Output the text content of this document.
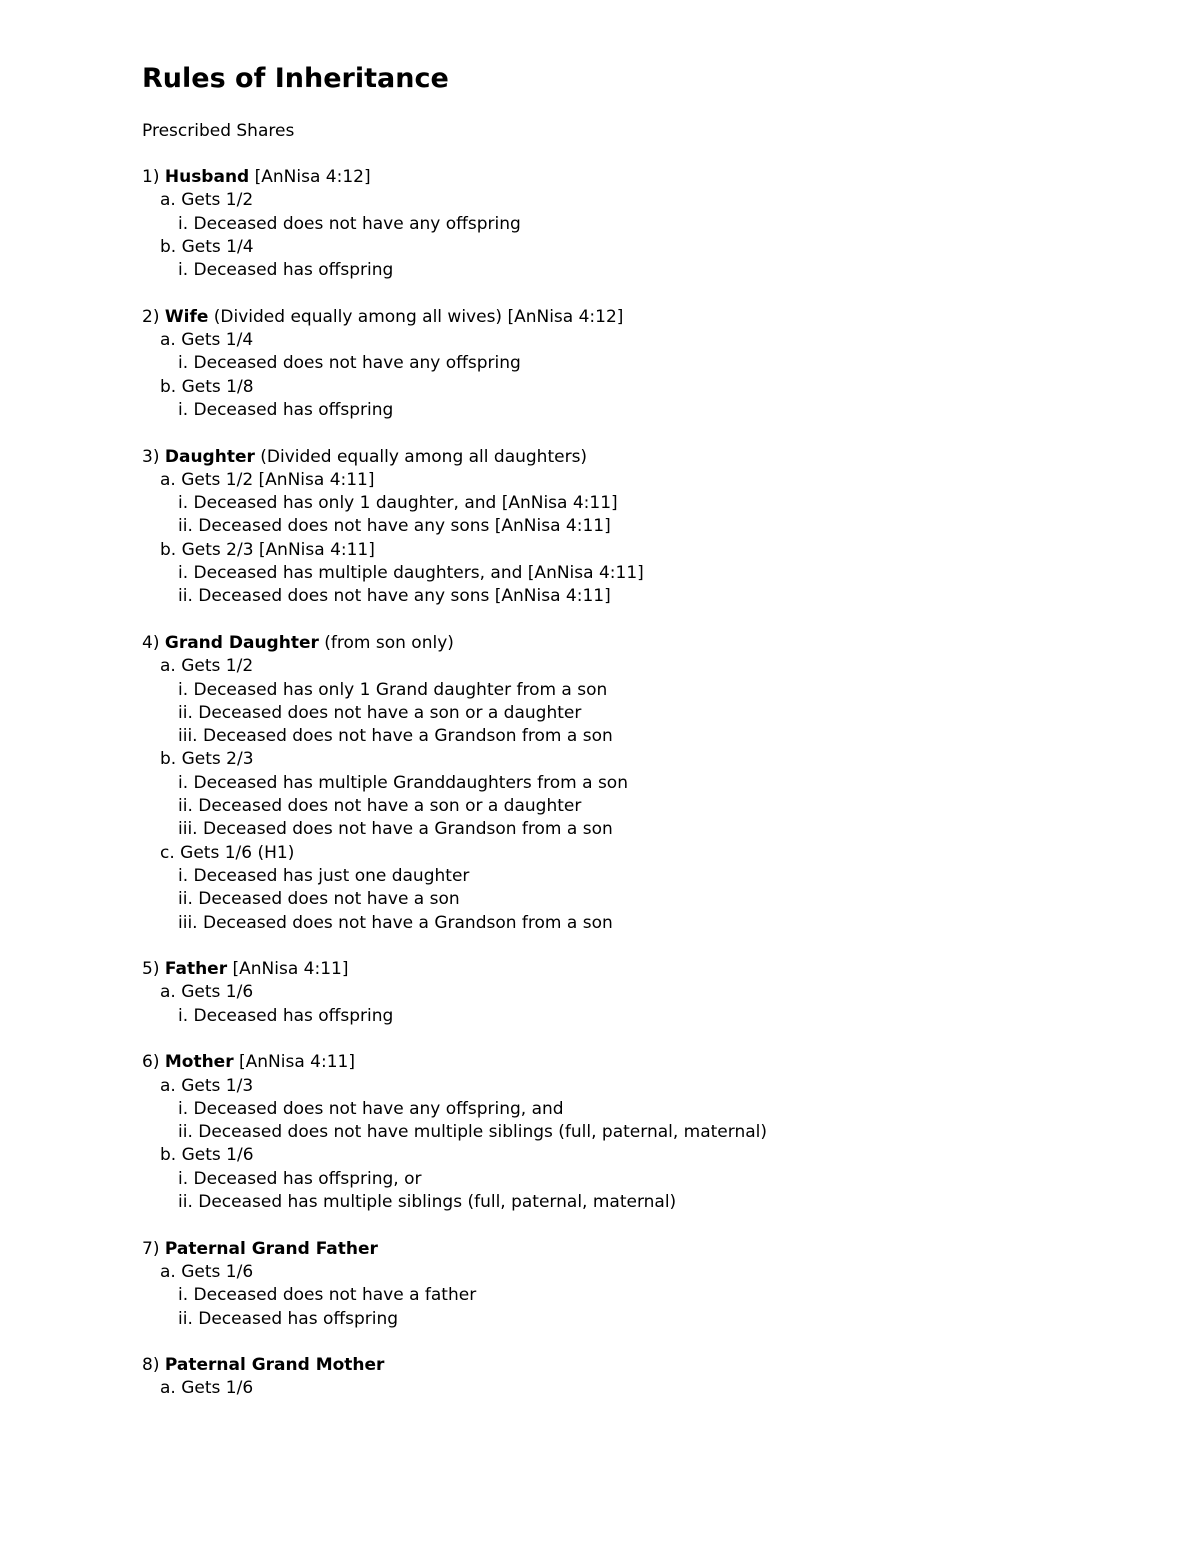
Rules of Inheritance
Prescribed Shares
1) Husband [AnNisa 4:12]
a. Gets 1/2
i. Deceased does not have any offspring
b. Gets 1/4
i. Deceased has offspring
2) Wife (Divided equally among all wives) [AnNisa 4:12]
a. Gets 1/4
i. Deceased does not have any offspring
b. Gets 1/8
i. Deceased has offspring
3) Daughter (Divided equally among all daughters)
a. Gets 1/2 [AnNisa 4:11]
i. Deceased has only 1 daughter, and [AnNisa 4:11]
ii. Deceased does not have any sons [AnNisa 4:11]
b. Gets 2/3 [AnNisa 4:11]
i. Deceased has multiple daughters, and [AnNisa 4:11]
ii. Deceased does not have any sons [AnNisa 4:11]
4) Grand Daughter (from son only)
a. Gets 1/2
i. Deceased has only 1 Grand daughter from a son
ii. Deceased does not have a son or a daughter
iii. Deceased does not have a Grandson from a son
b. Gets 2/3
i. Deceased has multiple Granddaughters from a son
ii. Deceased does not have a son or a daughter
iii. Deceased does not have a Grandson from a son
c. Gets 1/6 (H1)
i. Deceased has just one daughter
ii. Deceased does not have a son
iii. Deceased does not have a Grandson from a son
5) Father [AnNisa 4:11]
a. Gets 1/6
i. Deceased has offspring
6) Mother [AnNisa 4:11]
a. Gets 1/3
i. Deceased does not have any offspring, and
ii. Deceased does not have multiple siblings (full, paternal, maternal)
b. Gets 1/6
i. Deceased has offspring, or
ii. Deceased has multiple siblings (full, paternal, maternal)
7) Paternal Grand Father
a. Gets 1/6
i. Deceased does not have a father
ii. Deceased has offspring
8) Paternal Grand Mother
a. Gets 1/6
